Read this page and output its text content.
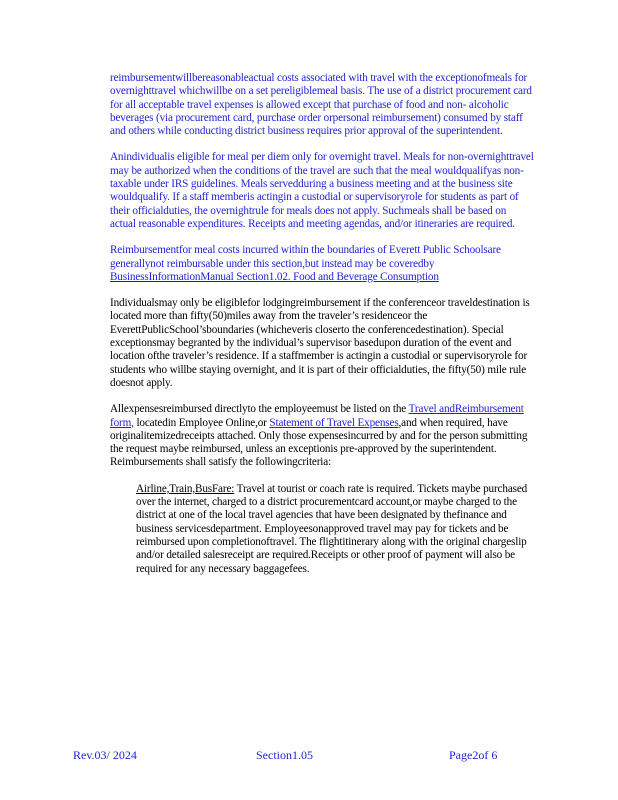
reimbursementwillbereasonableactual costs associated with travel with the exceptionofmeals for overnighttravel whichwillbe on a set pereligiblemeal basis. The use of a district procurement card for all acceptable travel expenses is allowed except that purchase of food and non- alcoholic beverages (via procurement card, purchase order orpersonal reimbursement) consumed by staff and others while conducting district business requires prior approval of the superintendent.

Anindividualis eligible for meal per diem only for overnight travel. Meals for non-overnighttravel may be authorized when the conditions of the travel are such that the meal wouldqualifyas non-taxable under IRS guidelines. Meals servedduring a business meeting and at the business site wouldqualify. If a staff memberis actingin a custodial or supervisoryrole for students as part of their officialduties, the overnightrule for meals does not apply. Suchmeals shall be based on actual reasonable expenditures. Receipts and meeting agendas, and/or itineraries are required.

Reimbursementfor meal costs incurred within the boundaries of Everett Public Schoolsare generallynot reimbursable under this section,but instead may be coveredby BusinessInformationManual Section1.02. Food and Beverage Consumption

Individualsmay only be eligiblefor lodgingreimbursement if the conferenceor traveldestination is located more than fifty(50)miles away from the traveler’s residenceor the EverettPublicSchool’sboundaries (whicheveris closerto the conferencedestination). Special exceptionsmay begranted by the individual’s supervisor basedupon duration of the event and location ofthe traveler’s residence. If a staffmember is actingin a custodial or supervisoryrole for students who willbe staying overnight, and it is part of their officialduties, the fifty(50) mile rule doesnot apply.

Allexpensesreimbursed directlyto the employeemust be listed on the Travel andReimbursement form, locatedin Employee Online,or Statement of Travel Expenses,and when required, have originalitemizedreceipts attached. Only those expensesincurred by and for the person submitting the request maybe reimbursed, unless an exceptionis pre-approved by the superintendent. Reimbursements shall satisfy the followingcriteria:

Airline,Train,BusFare: Travel at tourist or coach rate is required. Tickets maybe purchased over the internet, charged to a district procurementcard account,or maybe charged to the district at one of the local travel agencies that have been designated by thefinance and business servicesdepartment. Employeesonapproved travel may pay for tickets and be reimbursed upon completionoftravel. The flightitinerary along with the original chargeslip and/or detailed salesreceipt are required.Receipts or other proof of payment will also be required for any necessary baggagefees.
Rev.03/ 2024	Section1.05	Page2of 6
